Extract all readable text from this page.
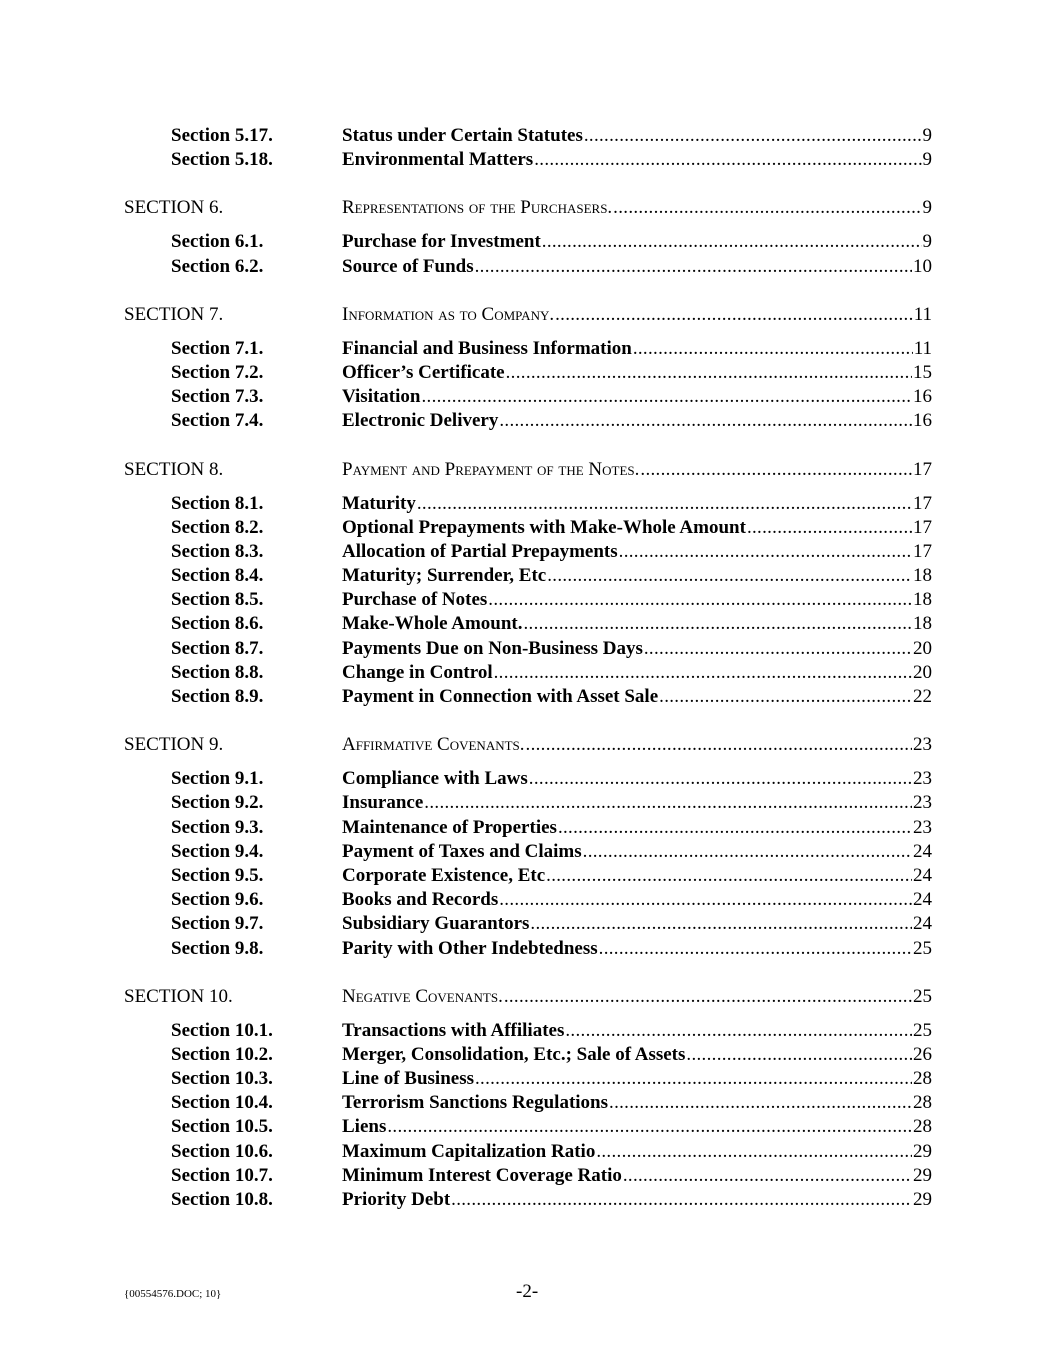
Section 5.17.	Status under Certain Statutes .....	9
Section 5.18.	Environmental Matters .....	9
SECTION 6.	Representations of the Purchasers. .....	9
Section 6.1.	Purchase for Investment .....	9
Section 6.2.	Source of Funds .....	10
SECTION 7.	Information as to Company. .....	11
Section 7.1.	Financial and Business Information .....	11
Section 7.2.	Officer’s Certificate .....	15
Section 7.3.	Visitation .....	16
Section 7.4.	Electronic Delivery .....	16
SECTION 8.	Payment and Prepayment of the Notes. .....	17
Section 8.1.	Maturity .....	17
Section 8.2.	Optional Prepayments with Make-Whole Amount .....	17
Section 8.3.	Allocation of Partial Prepayments .....	17
Section 8.4.	Maturity; Surrender, Etc .....	18
Section 8.5.	Purchase of Notes .....	18
Section 8.6.	Make-Whole Amount. .....	18
Section 8.7.	Payments Due on Non-Business Days .....	20
Section 8.8.	Change in Control .....	20
Section 8.9.	Payment in Connection with Asset Sale .....	22
SECTION 9.	Affirmative Covenants. .....	23
Section 9.1.	Compliance with Laws .....	23
Section 9.2.	Insurance .....	23
Section 9.3.	Maintenance of Properties .....	23
Section 9.4.	Payment of Taxes and Claims .....	24
Section 9.5.	Corporate Existence, Etc .....	24
Section 9.6.	Books and Records .....	24
Section 9.7.	Subsidiary Guarantors .....	24
Section 9.8.	Parity with Other Indebtedness .....	25
SECTION 10.	Negative Covenants. .....	25
Section 10.1.	Transactions with Affiliates .....	25
Section 10.2.	Merger, Consolidation, Etc.; Sale of Assets .....	26
Section 10.3.	Line of Business .....	28
Section 10.4.	Terrorism Sanctions Regulations .....	28
Section 10.5.	Liens .....	28
Section 10.6.	Maximum Capitalization Ratio .....	29
Section 10.7.	Minimum Interest Coverage Ratio .....	29
Section 10.8.	Priority Debt .....	29
{00554576.DOC; 10}	-2-
